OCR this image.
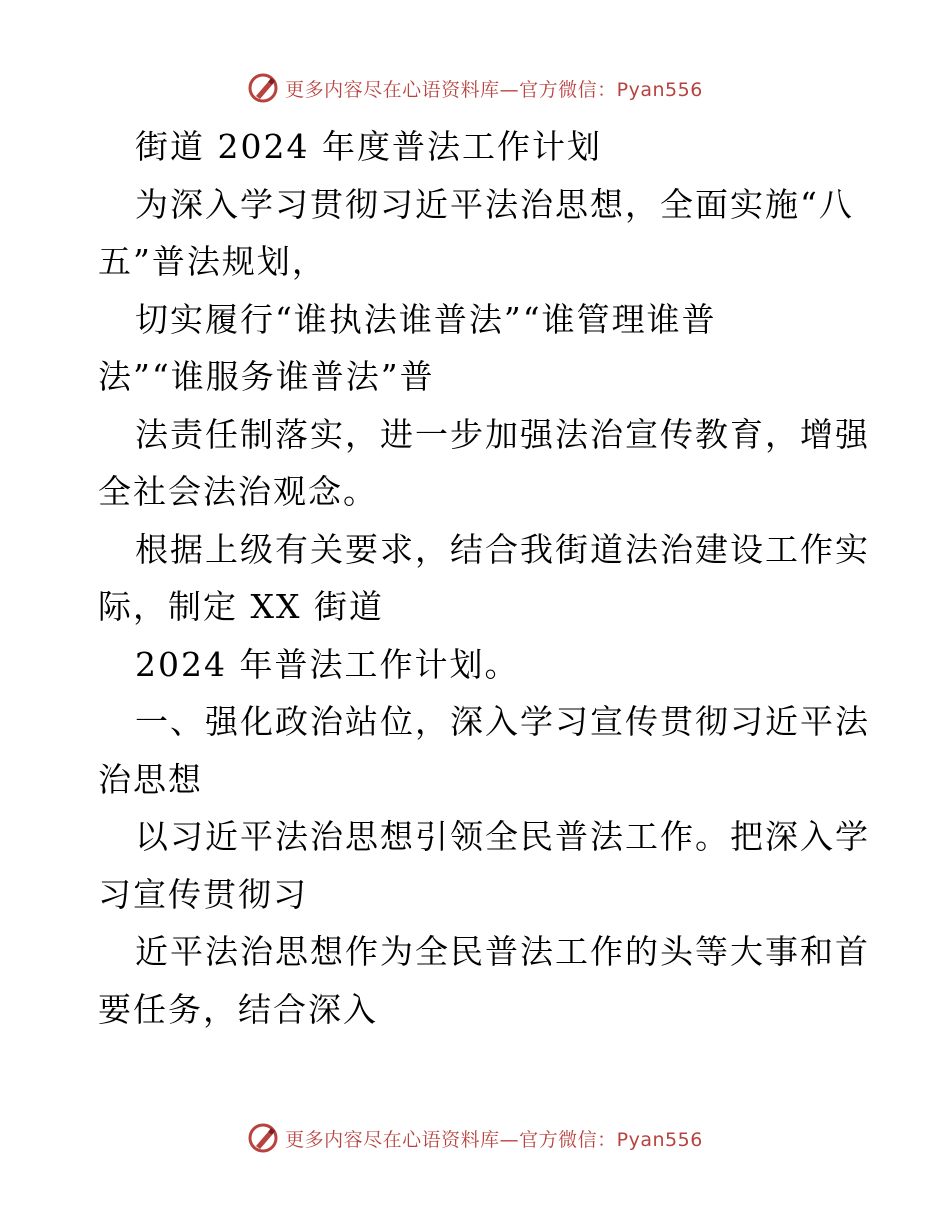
更多内容尽在心语资料库—官方微信：Pyan556
街道 2024 年度普法工作计划
为深入学习贯彻习近平法治思想，全面实施“八
五”普法规划，
切实履行“谁执法谁普法”“谁管理谁普
法”“谁服务谁普法”普
法责任制落实，进一步加强法治宣传教育，增强
全社会法治观念。
根据上级有关要求，结合我街道法治建设工作实
际，制定 XX 街道
2024 年普法工作计划。
一、强化政治站位，深入学习宣传贯彻习近平法
治思想
以习近平法治思想引领全民普法工作。把深入学
习宣传贯彻习
近平法治思想作为全民普法工作的头等大事和首
要任务，结合深入
更多内容尽在心语资料库—官方微信：Pyan556
